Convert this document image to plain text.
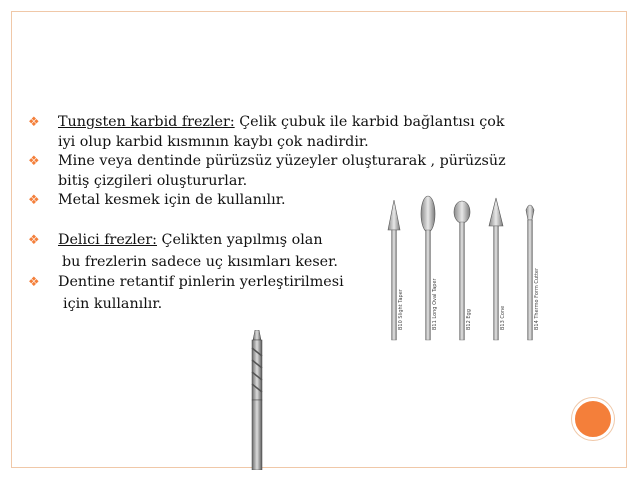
❖ Tungsten karbid frezler: Çelik çubuk ile karbid bağlantısı çok

iyi olup karbid kısmının kaybı çok nadirdir.

❖ Mine veya dentinde pürüzsüz yüzeyler oluşturarak , pürüzsüz

bitiş çizgileri oluştururlar.

❖ Metal kesmek için de kullanılır.

❖ Delici frezler: Çelikten yapılmış olan

bu frezlerin sadece uç kısımları keser.

❖ Dentine retantif pinlerin yerleştirilmesi

için kullanılır.	B10 Slight Taper	B11 Long Oval Taper	B12 Egg	B13 Cone	B14 Thermo Form Cutter
